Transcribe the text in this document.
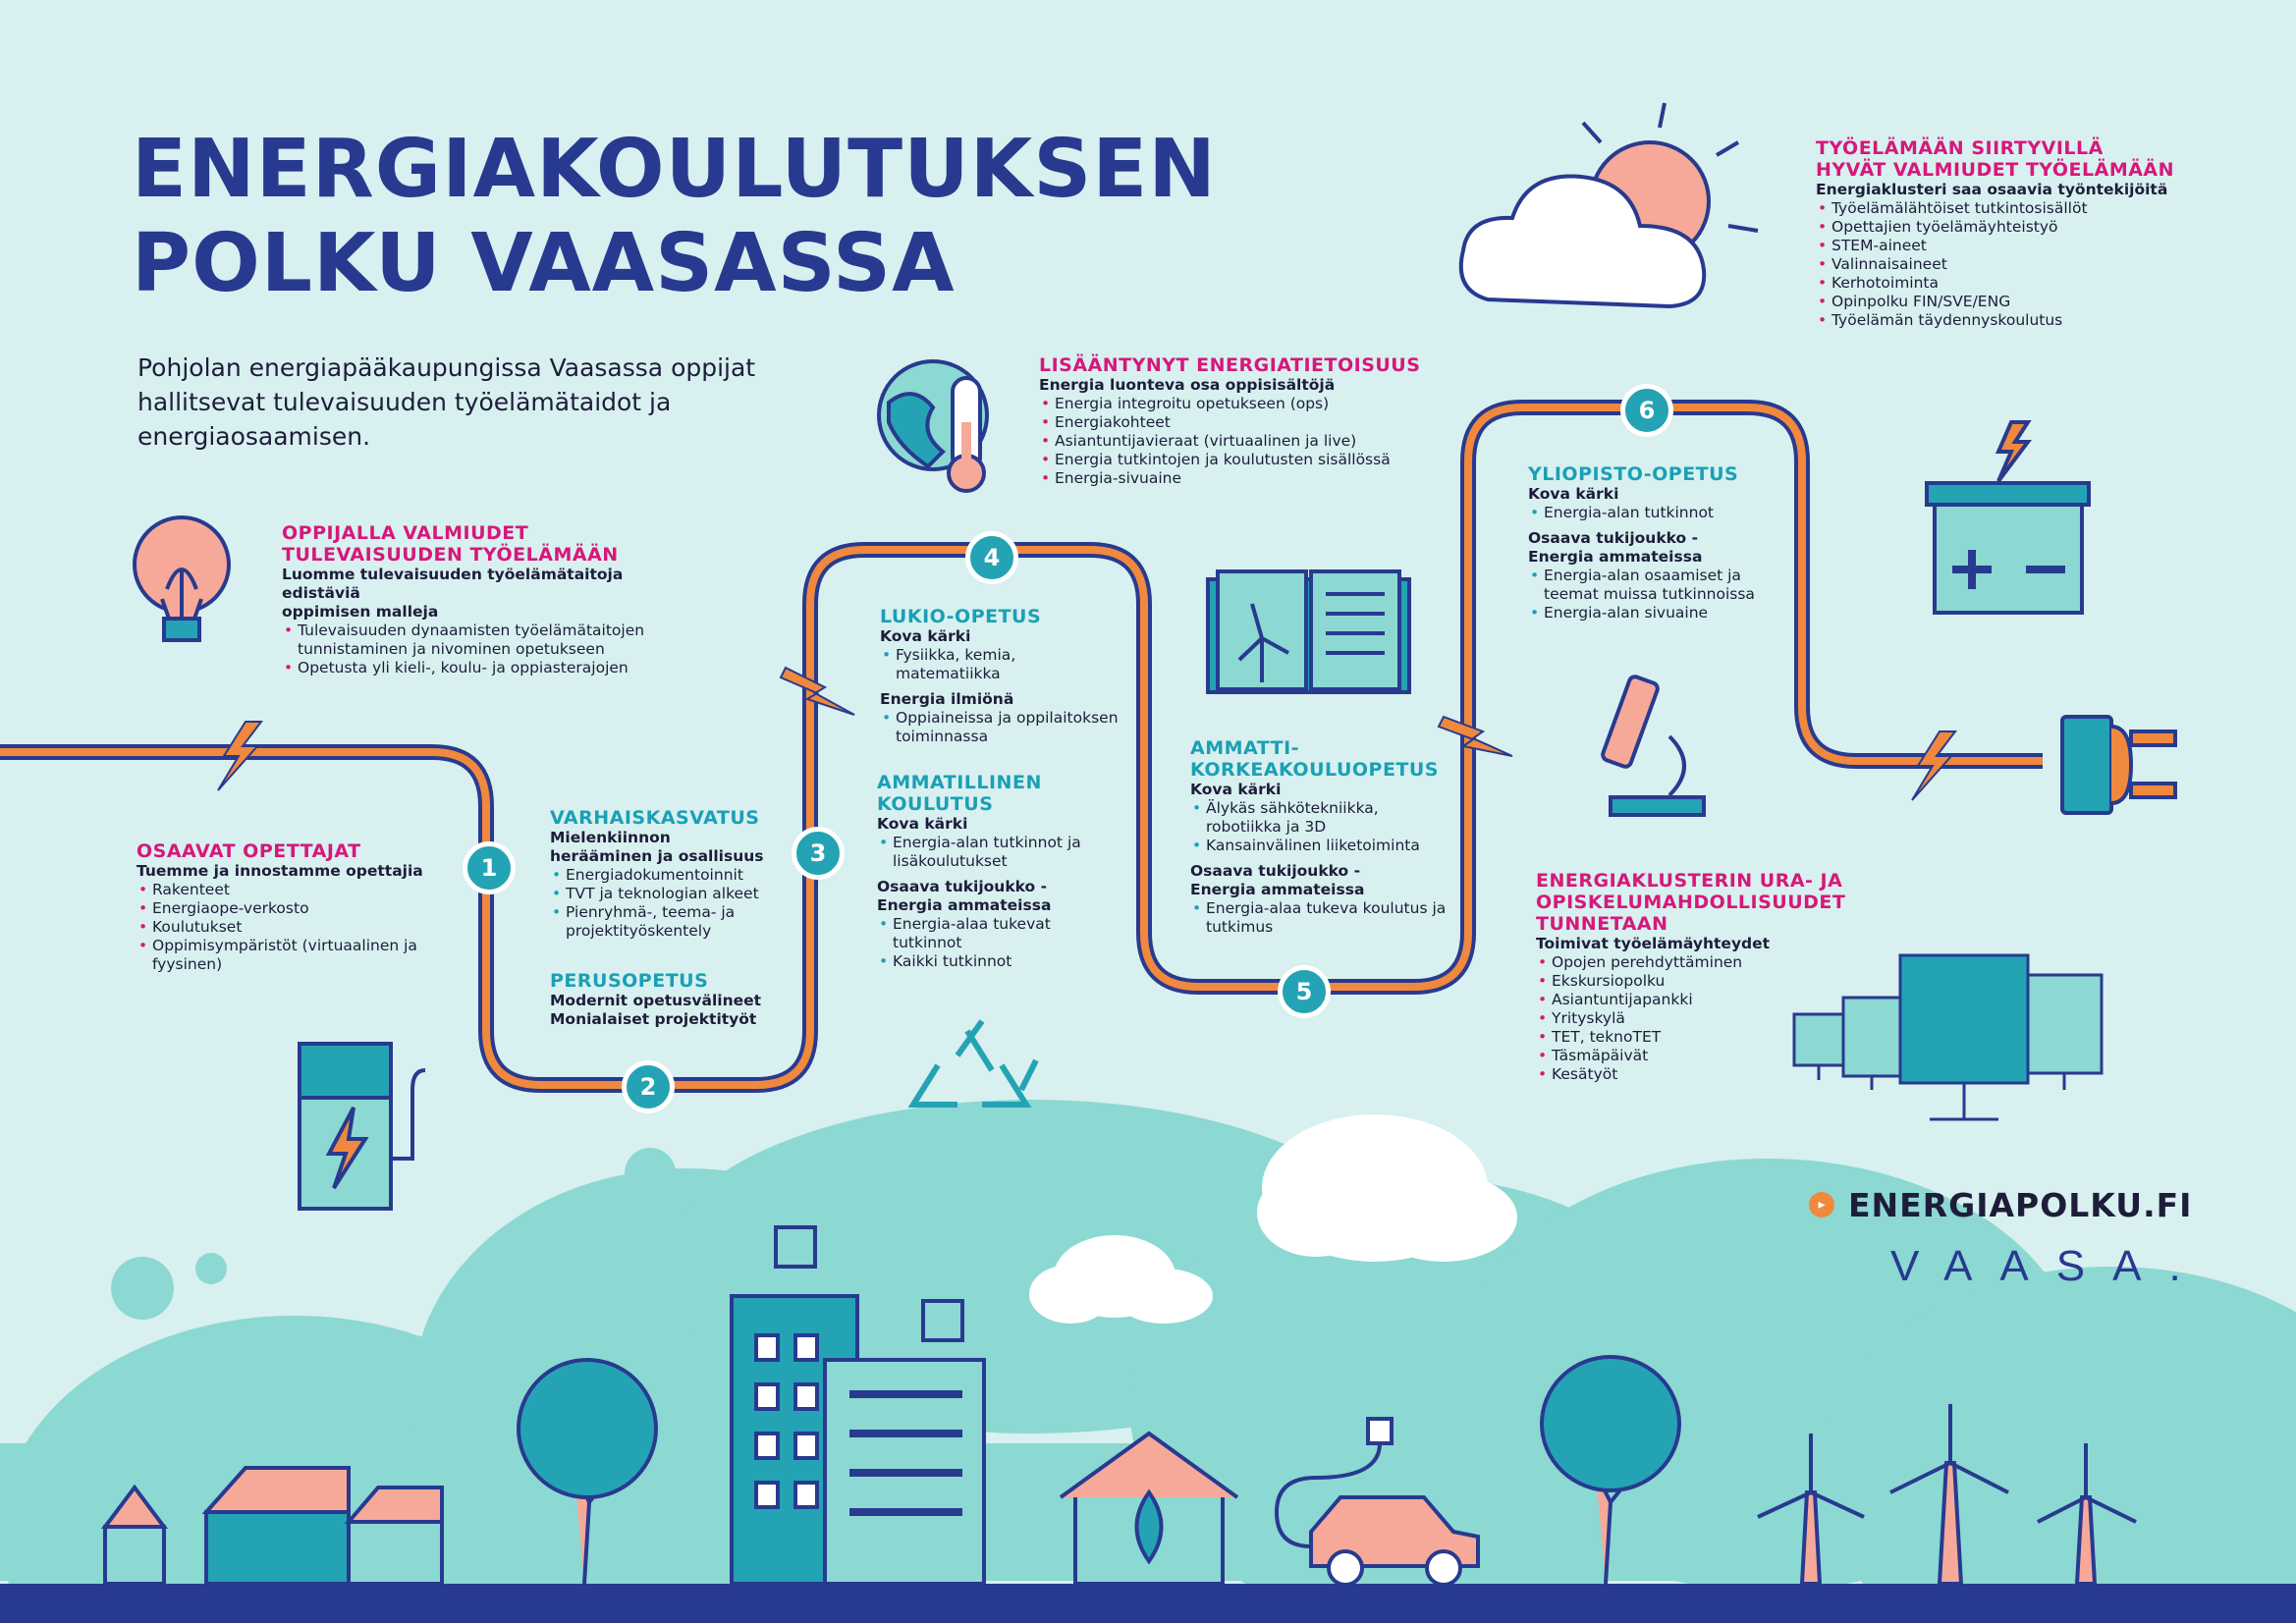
ENERGIAKOULUTUKSEN
POLKU VAASASSA
Pohjolan energiapääkaupungissa Vaasassa oppijat hallitsevat tulevaisuuden työelämätaidot ja energiaosaamisen.
1
2
3
4
5
6
OPPIJALLA VALMIUDET
TULEVAISUUDEN TYÖELÄMÄÄN
Luomme tulevaisuuden työelämätaitoja edistäviä
oppimisen malleja
• Tulevaisuuden dynaamisten työelämätaitojen tunnistaminen ja nivominen opetukseen
• Opetusta yli kieli-, koulu- ja oppiasterajojen
OSAAVAT OPETTAJAT
Tuemme ja innostamme opettajia
• Rakenteet
• Energiaope-verkosto
• Koulutukset
• Oppimisympäristöt (virtuaalinen ja fyysinen)
VARHAISKASVATUS
Mielenkiinnon
herääminen ja osallisuus
• Energiadokumentoinnit
• TVT ja teknologian alkeet
• Pienryhmä-, teema- ja projektityöskentely
PERUSOPETUS
Modernit opetusvälineet
Monialaiset projektityöt
LUKIO-OPETUS
Kova kärki
• Fysiikka, kemia, matematiikka
Energia ilmiönä
• Oppiaineissa ja oppilaitoksen toiminnassa
AMMATILLINEN
KOULUTUS
Kova kärki
• Energia-alan tutkinnot ja lisäkoulutukset
Osaava tukijoukko -
Energia ammateissa
• Energia-alaa tukevat tutkinnot
• Kaikki tutkinnot
LISÄÄNTYNYT ENERGIATIETOISUUS
Energia luonteva osa oppisisältöjä
• Energia integroitu opetukseen (ops)
• Energiakohteet
• Asiantuntijavieraat (virtuaalinen ja live)
• Energia tutkintojen ja koulutusten sisällössä
• Energia-sivuaine
AMMATTI-
KORKEAKOULUOPETUS
Kova kärki
• Älykäs sähkötekniikka, robotiikka ja 3D
• Kansainvälinen liiketoiminta
Osaava tukijoukko -
Energia ammateissa
• Energia-alaa tukeva koulutus ja tutkimus
YLIOPISTO-OPETUS
Kova kärki
• Energia-alan tutkinnot
Osaava tukijoukko -
Energia ammateissa
• Energia-alan osaamiset ja teemat muissa tutkinnoissa
• Energia-alan sivuaine
TYÖELÄMÄÄN SIIRTYVILLÄ
HYVÄT VALMIUDET TYÖELÄMÄÄN
Energiaklusteri saa osaavia työntekijöitä
• Työelämälähtöiset tutkintosisällöt
• Opettajien työelämäyhteistyö
• STEM-aineet
• Valinnaisaineet
• Kerhotoiminta
• Opinpolku FIN/SVE/ENG
• Työelämän täydennyskoulutus
ENERGIAKLUSTERIN URA- JA
OPISKELUMAHDOLLISUUDET TUNNETAAN
Toimivat työelämäyhteydet
• Opojen perehdyttäminen
• Ekskursiopolku
• Asiantuntijapankki
• Yrityskylä
• TET, teknoTET
• Täsmäpäivät
• Kesätyöt
▸ ENERGIAPOLKU.FI
VAASA.
